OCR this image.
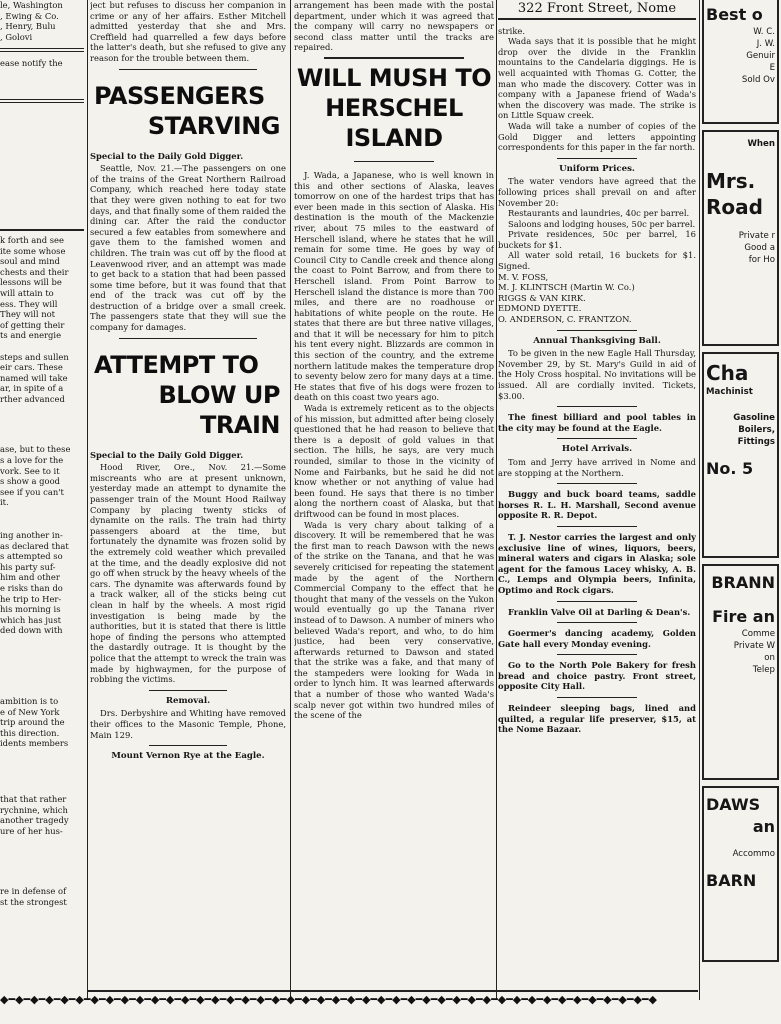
le, Washington

, Ewing & Co.

, Henry, Bulu

, Golovi

ease notify the

k forth and see

ite some whose

soul and mind

chests and their

lessons will be

will attain to

ess. They will

They will not

of getting their

ts and energie

steps and sullen

eir cars. These

named will take

ar, in spite of a

rther advanced

ase, but to these

s a love for the

vork. See to it

s show a good

see if you can't

it.

ing another in-

as declared that

s attempted so

his party suf-

him and other

e risks than do

he trip to Her-

his morning is

which has just

ded down with

ambition is to

e of New York

trip around the

this direction.

idents members

that that rather

rychnine, which

another tragedy

ure of her hus-

re in defense of

st the strongest

ject but refuses to discuss her companion in crime or any of her affairs. Esther Mitchell admitted yesterday that she and Mrs. Creffield had quarrelled a few days before the latter's death, but she refused to give any reason for the trouble between them.

PASSENGERS
STARVING

Special to the Daily Gold Digger.

Seattle, Nov. 21.—The passengers on one of the trains of the Great Northern Railroad Company, which reached here today state that they were given nothing to eat for two days, and that finally some of them raided the dining car. After the raid the conductor secured a few eatables from somewhere and gave them to the famished women and children. The train was cut off by the flood at Leavenwood river, and an attempt was made to get back to a station that had been passed some time before, but it was found that that end of the track was cut off by the destruction of a bridge over a small creek. The passengers state that they will sue the company for damages.

ATTEMPT TO
BLOW UP TRAIN

Special to the Daily Gold Digger.

Hood River, Ore., Nov. 21.—Some miscreants who are at present unknown, yesterday made an attempt to dynamite the passenger train of the Mount Hood Railway Company by placing twenty sticks of dynamite on the rails. The train had thirty passengers aboard at the time, but fortunately the dynamite was frozen solid by the extremely cold weather which prevailed at the time, and the deadly explosive did not go off when struck by the heavy wheels of the cars. The dynamite was afterwards found by a track walker, all of the sticks being cut clean in half by the wheels. A most rigid investigation is being made by the authorities, but it is stated that there is little hope of finding the persons who attempted the dastardly outrage. It is thought by the police that the attempt to wreck the train was made by highwaymen, for the purpose of robbing the victims.

Removal.

Drs. Derbyshire and Whiting have removed their offices to the Masonic Temple, Phone, Main 129.

Mount Vernon Rye at the Eagle.

arrangement has been made with the postal department, under which it was agreed that the company will carry no newspapers or second class matter until the tracks are repaired.

WILL MUSH TO
HERSCHEL ISLAND

J. Wada, a Japanese, who is well known in this and other sections of Alaska, leaves tomorrow on one of the hardest trips that has ever been made in this section of Alaska. His destination is the mouth of the Mackenzie river, about 75 miles to the eastward of Herschell island, where he states that he will remain for some time. He goes by way of Council City to Candle creek and thence along the coast to Point Barrow, and from there to Herschell island. From Point Barrow to Herschell island the distance is more than 700 miles, and there are no roadhouse or habitations of white people on the route. He states that there are but three native villages, and that it will be necessary for him to pitch his tent every night. Blizzards are common in this section of the country, and the extreme northern latitude makes the temperature drop to seventy below zero for many days at a time. He states that five of his dogs were frozen to death on this coast two years ago.

Wada is extremely reticent as to the objects of his mission, but admitted after being closely questioned that he had reason to believe that there is a deposit of gold values in that section. The hills, he says, are very much rounded, similar to those in the vicinity of Nome and Fairbanks, but he said he did not know whether or not anything of value had been found. He says that there is no timber along the northern coast of Alaska, but that driftwood can be found in most places.

Wada is very chary about talking of a discovery. It will be remembered that he was the first man to reach Dawson with the news of the strike on the Tanana, and that he was severely criticised for repeating the statement made by the agent of the Northern Commercial Company to the effect that he thought that many of the vessels on the Yukon would eventually go up the Tanana river instead of to Dawson. A number of miners who believed Wada's report, and who, to do him justice, had been very conservative, afterwards returned to Dawson and stated that the strike was a fake, and that many of the stampeders were looking for Wada in order to lynch him. It was learned afterwards that a number of those who wanted Wada's scalp never got within two hundred miles of the scene of the

322 Front Street, Nome

strike.

Wada says that it is possible that he might drop over the divide in the Franklin mountains to the Candelaria diggings. He is well acquainted with Thomas G. Cotter, the man who made the discovery. Cotter was in company with a Japanese friend of Wada's when the discovery was made. The strike is on Little Squaw creek.

Wada will take a number of copies of the Gold Digger and letters appointing correspondents for this paper in the far north.

Uniform Prices.

The water vendors have agreed that the following prices shall prevail on and after November 20:

Restaurants and laundries, 40c per barrel.

Saloons and lodging houses, 50c per barrel.

Private residences, 50c per barrel, 16 buckets for $1.

All water sold retail, 16 buckets for $1. Signed.

M. V. FOSS,

M. J. KLINTSCH (Martin W. Co.)

RIGGS & VAN KIRK.

EDMOND DYETTE.

O. ANDERSON, C. FRANTZON.

Annual Thanksgiving Ball.

To be given in the new Eagle Hall Thursday, November 29, by St. Mary's Guild in aid of the Holy Cross hospital. No invitations will be issued. All are cordially invited. Tickets, $3.00.

The finest billiard and pool tables in the city may be found at the Eagle.

Hotel Arrivals.

Tom and Jerry have arrived in Nome and are stopping at the Northern.

Buggy and buck board teams, saddle horses R. L. H. Marshall, Second avenue opposite R. R. Depot.

T. J. Nestor carries the largest and only exclusive line of wines, liquors, beers, mineral waters and cigars in Alaska; sole agent for the famous Lacey whisky, A. B. C., Lemps and Olympia beers, Infinita, Optimo and Rock cigars.

Franklin Valve Oil at Darling & Dean's.

Goermer's dancing academy, Golden Gate hall every Monday evening.

Go to the North Pole Bakery for fresh bread and choice pastry. Front street, opposite City Hall.

Reindeer sleeping bags, lined and quilted, a regular life preserver, $15, at the Nome Bazaar.

Best o
W. C.
J. W.
Genuir
E
Sold Ov
When
Mrs.
Road
Private r
Good a
for Ho
Cha
Machinist
Gasoline
Boilers,
Fittings
No. 5
BRANN
Fire an
Comme
Private W
on
Telep
DAWS
an
Accommo
BARN
◆━◆━◆━◆━◆━◆━◆━◆━◆━◆━◆━◆━◆━◆━◆━◆━◆━◆━◆━◆━◆━◆━◆━◆━◆━◆━◆━◆━◆━◆━◆━◆━◆━◆━◆━◆━◆━◆━◆━◆━◆━◆━◆━◆
